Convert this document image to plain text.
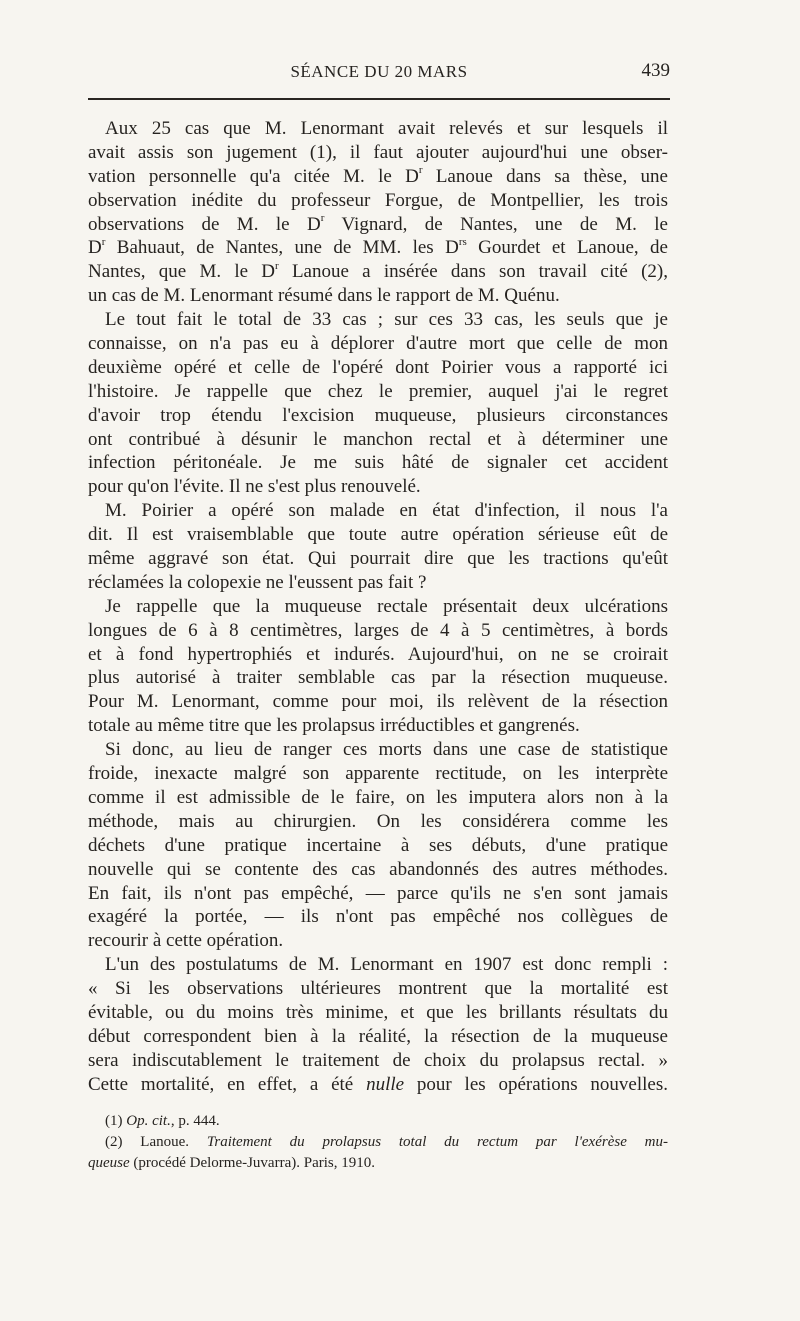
SÉANCE DU 20 MARS	439
Aux 25 cas que M. Lenormant avait relevés et sur lesquels il
avait assis son jugement (1), il faut ajouter aujourd'hui une obser-
vation personnelle qu'a citée M. le $D^r$ Lanoue dans sa thèse, une
observation inédite du professeur Forgue, de Montpellier, les trois
observations de M. le $D^r$ Vignard, de Nantes, une de M. le
$D^r$ Bahuaut, de Nantes, une de MM. les $D^{rs}$ Gourdet et Lanoue, de
Nantes, que M. le $D^r$ Lanoue a insérée dans son travail cité (2),
un cas de M. Lenormant résumé dans le rapport de M. Quénu.
Le tout fait le total de 33 cas ; sur ces 33 cas, les seuls que je
connaisse, on n'a pas eu à déplorer d'autre mort que celle de mon
deuxième opéré et celle de l'opéré dont Poirier vous a rapporté ici
l'histoire. Je rappelle que chez le premier, auquel j'ai le regret
d'avoir trop étendu l'excision muqueuse, plusieurs circonstances
ont contribué à désunir le manchon rectal et à déterminer une
infection péritonéale. Je me suis hâté de signaler cet accident
pour qu'on l'évite. Il ne s'est plus renouvelé.
M. Poirier a opéré son malade en état d'infection, il nous l'a
dit. Il est vraisemblable que toute autre opération sérieuse eût de
même aggravé son état. Qui pourrait dire que les tractions qu'eût
réclamées la colopexie ne l'eussent pas fait ?
Je rappelle que la muqueuse rectale présentait deux ulcérations
longues de 6 à 8 centimètres, larges de 4 à 5 centimètres, à bords
et à fond hypertrophiés et indurés. Aujourd'hui, on ne se croirait
plus autorisé à traiter semblable cas par la résection muqueuse.
Pour M. Lenormant, comme pour moi, ils relèvent de la résection
totale au même titre que les prolapsus irréductibles et gangrenés.
Si donc, au lieu de ranger ces morts dans une case de statistique
froide, inexacte malgré son apparente rectitude, on les interprète
comme il est admissible de le faire, on les imputera alors non à la
méthode, mais au chirurgien. On les considérera comme les
déchets d'une pratique incertaine à ses débuts, d'une pratique
nouvelle qui se contente des cas abandonnés des autres méthodes.
En fait, ils n'ont pas empêché, — parce qu'ils ne s'en sont jamais
exagéré la portée, — ils n'ont pas empêché nos collègues de
recourir à cette opération.
L'un des postulatums de M. Lenormant en 1907 est donc rempli :
« Si les observations ultérieures montrent que la mortalité est
évitable, ou du moins très minime, et que les brillants résultats du
début correspondent bien à la réalité, la résection de la muqueuse
sera indiscutablement le traitement de choix du prolapsus rectal. »
Cette mortalité, en effet, a été nulle pour les opérations nouvelles.
(1) Op. cit., p. 444.
(2) Lanoue. Traitement du prolapsus total du rectum par l'exérèse mu-
queuse (procédé Delorme-Juvarra). Paris, 1910.
